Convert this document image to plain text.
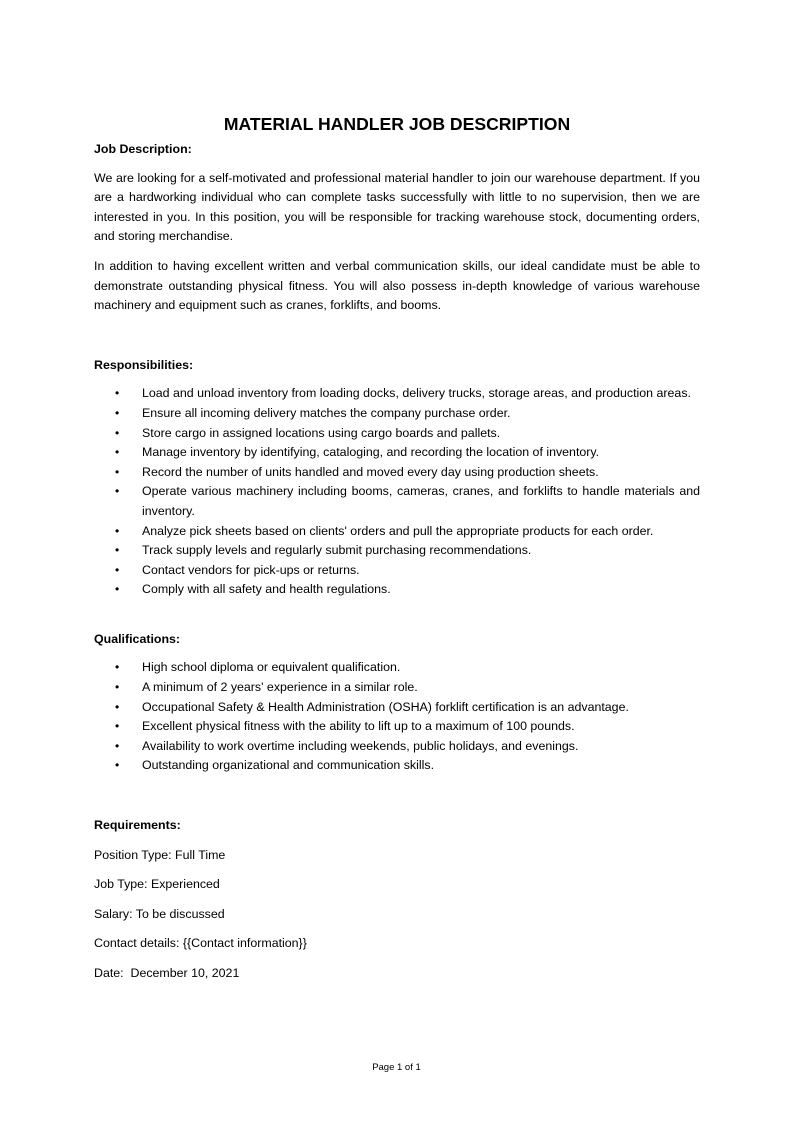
MATERIAL HANDLER JOB DESCRIPTION

Job Description:

We are looking for a self-motivated and professional material handler to join our warehouse department. If you are a hardworking individual who can complete tasks successfully with little to no supervision, then we are interested in you. In this position, you will be responsible for tracking warehouse stock, documenting orders, and storing merchandise.

In addition to having excellent written and verbal communication skills, our ideal candidate must be able to demonstrate outstanding physical fitness. You will also possess in-depth knowledge of various warehouse machinery and equipment such as cranes, forklifts, and booms.

Responsibilities:

• Load and unload inventory from loading docks, delivery trucks, storage areas, and production areas.
• Ensure all incoming delivery matches the company purchase order.
• Store cargo in assigned locations using cargo boards and pallets.
• Manage inventory by identifying, cataloging, and recording the location of inventory.
• Record the number of units handled and moved every day using production sheets.
• Operate various machinery including booms, cameras, cranes, and forklifts to handle materials and inventory.
• Analyze pick sheets based on clients' orders and pull the appropriate products for each order.
• Track supply levels and regularly submit purchasing recommendations.
• Contact vendors for pick-ups or returns.
• Comply with all safety and health regulations.

Qualifications:

• High school diploma or equivalent qualification.
• A minimum of 2 years' experience in a similar role.
• Occupational Safety & Health Administration (OSHA) forklift certification is an advantage.
• Excellent physical fitness with the ability to lift up to a maximum of 100 pounds.
• Availability to work overtime including weekends, public holidays, and evenings.
• Outstanding organizational and communication skills.

Requirements:

Position Type: Full Time

Job Type: Experienced

Salary: To be discussed

Contact details: {{Contact information}}

Date:  December 10, 2021

Page 1 of 1
